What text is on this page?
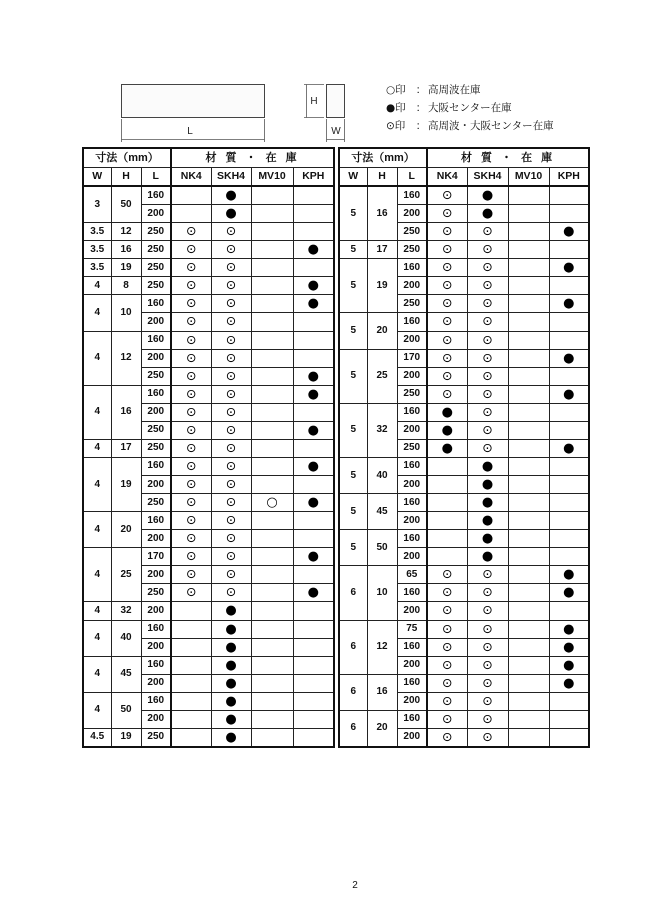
L
H
W
○印 ： 高周波在庫
●印 ： 大阪センター在庫
⊙印 ： 高周波・大阪センター在庫
寸法（mm）			材 質 ・ 在 庫			
W	H	L	NK4	SKH4	MV10	KPH
3	50	160		●		
		200		●		
3.5	12	250	⊙	⊙		
3.5	16	250	⊙	⊙		●
3.5	19	250	⊙	⊙		
4	8	250	⊙	⊙		●
4	10	160	⊙	⊙		●
		200	⊙	⊙		
4	12	160	⊙	⊙		
		200	⊙	⊙		
		250	⊙	⊙		●
4	16	160	⊙	⊙		●
		200	⊙	⊙		
		250	⊙	⊙		●
4	17	250	⊙	⊙		
4	19	160	⊙	⊙		●
		200	⊙	⊙		
		250	⊙	⊙	○	●
4	20	160	⊙	⊙		
		200	⊙	⊙		
4	25	170	⊙	⊙		●
		200	⊙	⊙		
		250	⊙	⊙		●
4	32	200		●		
4	40	160		●		
		200		●		
4	45	160		●		
		200		●		
4	50	160		●		
		200		●		
4.5	19	250		●		
寸法（mm）			材 質 ・ 在 庫			
W	H	L	NK4	SKH4	MV10	KPH
5	16	160	⊙	●		
		200	⊙	●		
		250	⊙	⊙		●
5	17	250	⊙	⊙		
5	19	160	⊙	⊙		●
		200	⊙	⊙		
		250	⊙	⊙		●
5	20	160	⊙	⊙		
		200	⊙	⊙		
5	25	170	⊙	⊙		●
		200	⊙	⊙		
		250	⊙	⊙		●
5	32	160	●	⊙		
		200	●	⊙		
		250	●	⊙		●
5	40	160		●		
		200		●		
5	45	160		●		
		200		●		
5	50	160		●		
		200		●		
6	10	65	⊙	⊙		●
		160	⊙	⊙		●
		200	⊙	⊙		
6	12	75	⊙	⊙		●
		160	⊙	⊙		●
		200	⊙	⊙		●
6	16	160	⊙	⊙		●
		200	⊙	⊙		
6	20	160	⊙	⊙		
		200	⊙	⊙		
2
